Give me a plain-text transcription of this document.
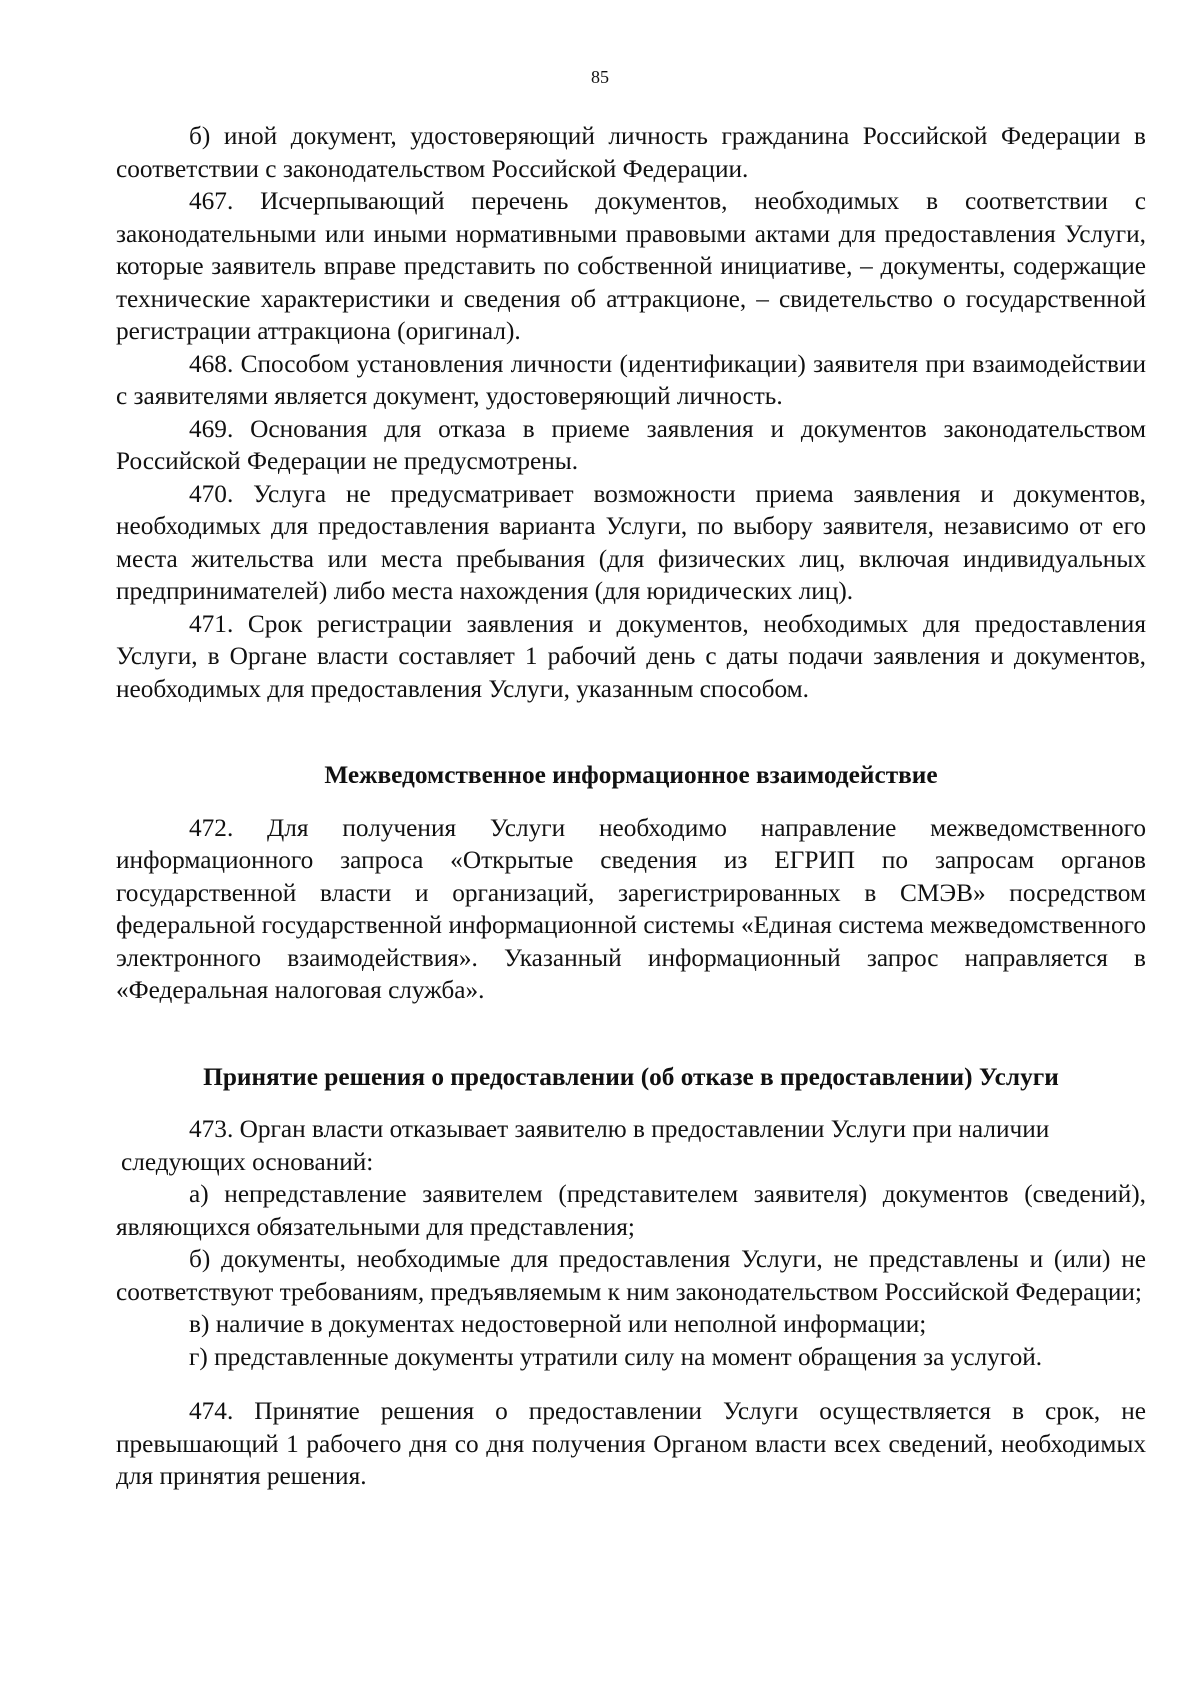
85

б) иной документ, удостоверяющий личность гражданина Российской Федерации в соответствии с законодательством Российской Федерации.

467. Исчерпывающий перечень документов, необходимых в соответствии с законодательными или иными нормативными правовыми актами для предоставления Услуги, которые заявитель вправе представить по собственной инициативе, – документы, содержащие технические характеристики и сведения об аттракционе, – свидетельство о государственной регистрации аттракциона (оригинал).

468. Способом установления личности (идентификации) заявителя при взаимодействии с заявителями является документ, удостоверяющий личность.

469. Основания для отказа в приеме заявления и документов законодательством Российской Федерации не предусмотрены.

470. Услуга не предусматривает возможности приема заявления и документов, необходимых для предоставления варианта Услуги, по выбору заявителя, независимо от его места жительства или места пребывания (для физических лиц, включая индивидуальных предпринимателей) либо места нахождения (для юридических лиц).

471. Срок регистрации заявления и документов, необходимых для предоставления Услуги, в Органе власти составляет 1 рабочий день с даты подачи заявления и документов, необходимых для предоставления Услуги, указанным способом.

Межведомственное информационное взаимодействие

472. Для получения Услуги необходимо направление межведомственного информационного запроса «Открытые сведения из ЕГРИП по запросам органов государственной власти и организаций, зарегистрированных в СМЭВ» посредством федеральной государственной информационной системы «Единая система межведомственного электронного взаимодействия». Указанный информационный запрос направляется в «Федеральная налоговая служба».

Принятие решения о предоставлении (об отказе в предоставлении) Услуги

473. Орган власти отказывает заявителю в предоставлении Услуги при наличии

следующих оснований:

а) непредставление заявителем (представителем заявителя) документов (сведений), являющихся обязательными для представления;

б) документы, необходимые для предоставления Услуги, не представлены и (или) не соответствуют требованиям, предъявляемым к ним законодательством Российской Федерации;

в) наличие в документах недостоверной или неполной информации;

г) представленные документы утратили силу на момент обращения за услугой.

474. Принятие решения о предоставлении Услуги осуществляется в срок, не превышающий 1 рабочего дня со дня получения Органом власти всех сведений, необходимых для принятия решения.
